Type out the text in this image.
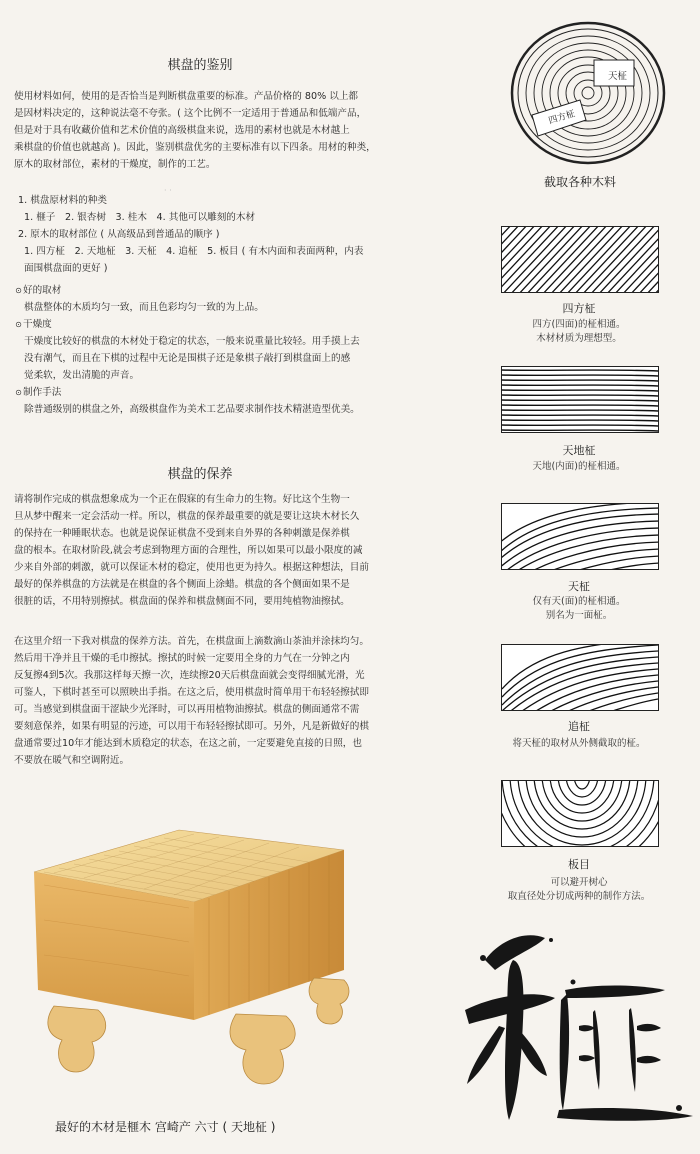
棋盘的鉴别
使用材料如何，使用的是否恰当是判断棋盘重要的标准。产品价格的 80% 以上都
是因材料决定的，这种说法毫不夸张。( 这个比例不一定适用于普通品和低端产品，
但是对于具有收藏价值和艺术价值的高级棋盘来说，选用的素材也就是木材越上
乘棋盘的价值也就越高 )。因此，鉴别棋盘优劣的主要标准有以下四条。用材的种类，
原木的取材部位，素材的干燥度，制作的工艺。
· ·
1. 棋盘原材料的种类
1. 榧子　2. 银杏树　3. 桂木　4. 其他可以雕刻的木材
2. 原木的取材部位 ( 从高级品到普通品的顺序 )
1. 四方柾　2. 天地柾　3. 天柾　4. 追柾　5. 板目 ( 有木内面和表面两种，内表
面围棋盘面的更好 )
⊙好的取材
棋盘整体的木质均匀一致，而且色彩均匀一致的为上品。
⊙干燥度
干燥度比较好的棋盘的木材处于稳定的状态，一般来说重量比较轻。用手摸上去
没有潮气，而且在下棋的过程中无论是围棋子还是象棋子敲打到棋盘面上的感
觉柔软，发出清脆的声音。
⊙制作手法
除普通级别的棋盘之外，高级棋盘作为美术工艺品要求制作技术精湛造型优美。
棋盘的保养
请将制作完成的棋盘想象成为一个正在假寐的有生命力的生物。好比这个生物一
旦从梦中醒来一定会活动一样。所以，棋盘的保养最重要的就是要让这块木材长久
的保持在一种睡眠状态。也就是说保证棋盘不受到来自外界的各种刺激是保养棋
盘的根本。在取材阶段,就会考虑到物理方面的合理性，所以如果可以最小限度的减
少来自外部的刺激，就可以保证木材的稳定，使用也更为持久。根据这种想法，目前
最好的保养棋盘的方法就是在棋盘的各个侧面上涂蜡。棋盘的各个侧面如果不是
很脏的话，不用特别擦拭。棋盘面的保养和棋盘侧面不同，要用纯植物油擦拭。
在这里介绍一下我对棋盘的保养方法。首先，在棋盘面上滴数滴山茶油并涂抹均匀。
然后用干净并且干燥的毛巾擦拭。擦拭的时候一定要用全身的力气在一分钟之内
反复擦4到5次。我那这样每天擦一次，连续擦20天后棋盘面就会变得细腻光滑，光
可鉴人，下棋时甚至可以照映出手指。在这之后，使用棋盘时简单用干布轻轻擦拭即
可。当感觉到棋盘面干涩缺少光泽时，可以再用植物油擦拭。棋盘的侧面通常不需
要刻意保养，如果有明显的污迹，可以用干布轻轻擦拭即可。另外，凡是新做好的棋
盘通常要过10年才能达到木质稳定的状态，在这之前，一定要避免直接的日照，也
不要放在暖气和空调附近。
最好的木材是榧木 宫崎产 六寸 ( 天地柾 )
天柾
四方柾
截取各种木料
四方柾
四方(四面)的柾相通。
木材材质为理想型。
天地柾
天地(内面)的柾相通。
天柾
仅有天(面)的柾相通。
别名为一面柾。
追柾
将天柾的取材从外侧截取的柾。
板目
可以避开树心
取直径处分切成两种的制作方法。
